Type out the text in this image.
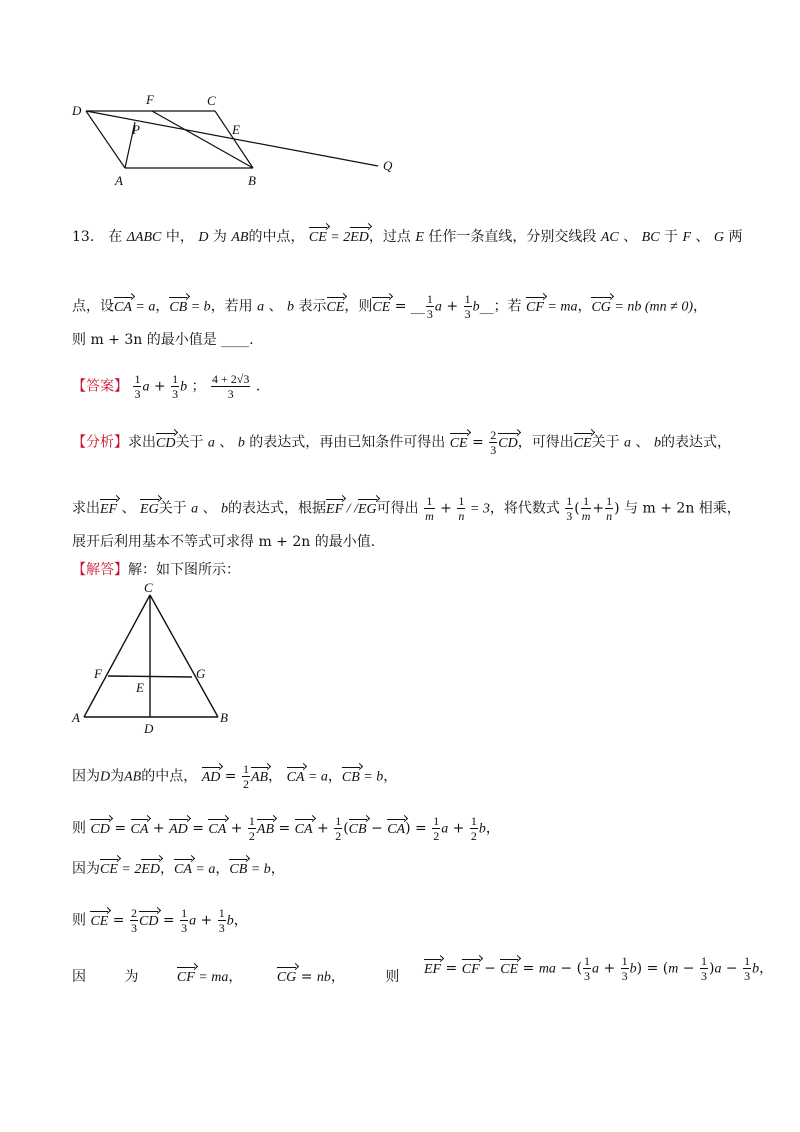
D
F	C
P	E
A	B
Q
13． 在 ΔABC 中， D 为 AB的中点， CE = 2ED，过点 E 任作一条直线，分别交线段 AC 、 BC 于 F 、 G 两
点，设CA = a，CB = b，若用 a 、 b 表示CE，则CE = __ $\frac{1}{3}$ $a + \frac{1}{3}$ b__；若 CF = ma，CG = nb (mn ≠ 0)，
则 m + 3n 的最小值是 ____.
【答案】 $\frac{1}{3}$ $a + \frac{1}{3}$ b ； $\frac{4 + 2√3}{3}$ .
【分析】求出CD关于 a 、 b 的表达式，再由已知条件可得出 CE = $\frac{2}{3}$ CD，可得出CE关于 a 、 b的表达式，
求出EF 、 EG关于 a 、 b的表达式，根据EF / /EG可得出 $\frac{1}{m} + \frac{1}{n} = 3$，将代数式 $\frac{1}{3}$ ( $\frac{1}{m} + \frac{1}{n}$ ) 与 m + 2n 相乘，
展开后利用基本不等式可求得 m + 2n 的最小值.
【解答】解：如下图所示：
C
F
E
G
A
D
B
因为D为AB的中点， AD = $\frac{1}{2}$ AB， CA = a，CB = b，
则 CD = CA + AD = CA + $\frac{1}{2}$ AB = CA + $\frac{1}{2} (CB - CA) = \frac{1}{2}$ $a + \frac{1}{2}$ b，
因为CE = 2ED，CA = a，CB = b，
则 CE = $\frac{2}{3}$ CD = $\frac{1}{3}$ $a + \frac{1}{3}$ b，
因	为	CF = ma， CG = nb，	则 EF = CF − CE = ma − ( $\frac{1}{3}$ $a + \frac{1}{3} b) = (m - \frac{1}{3} )a - \frac{1}{3}$ b，
